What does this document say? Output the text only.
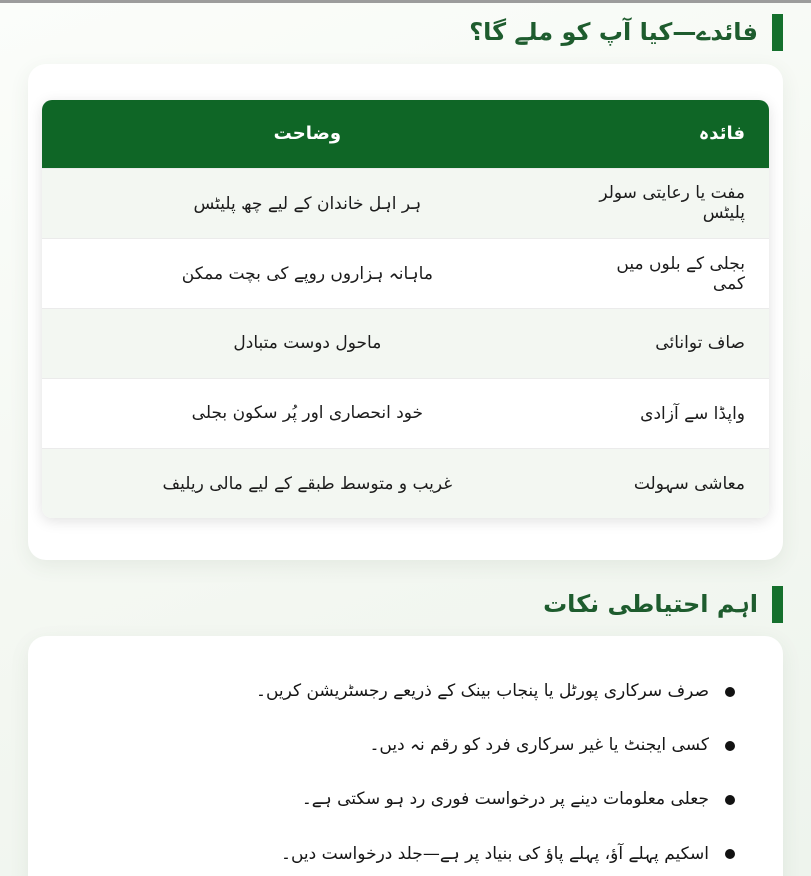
فائدے—کیا آپ کو ملے گا؟
فائدہ	وضاحت
مفت یا رعایتی سولر پلیٹس	ہر اہل خاندان کے لیے چھ پلیٹس
بجلی کے بلوں میں کمی	ماہانہ ہزاروں روپے کی بچت ممکن
صاف توانائی	ماحول دوست متبادل
واپڈا سے آزادی	خود انحصاری اور پُر سکون بجلی
معاشی سہولت	غریب و متوسط طبقے کے لیے مالی ریلیف
اہم احتیاطی نکات
صرف سرکاری پورٹل یا پنجاب بینک کے ذریعے رجسٹریشن کریں۔
کسی ایجنٹ یا غیر سرکاری فرد کو رقم نہ دیں۔
جعلی معلومات دینے پر درخواست فوری رد ہو سکتی ہے۔
اسکیم پہلے آؤ، پہلے پاؤ کی بنیاد پر ہے—جلد درخواست دیں۔
